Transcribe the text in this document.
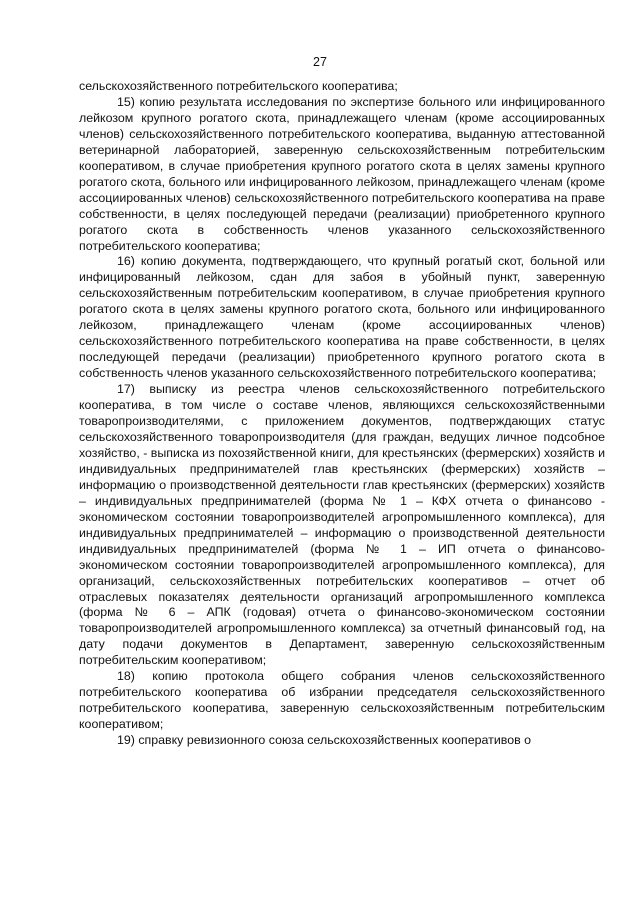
27

сельскохозяйственного потребительского кооператива;

15) копию результата исследования по экспертизе больного или инфицированного лейкозом крупного рогатого скота, принадлежащего членам (кроме ассоциированных членов) сельскохозяйственного потребительского кооператива, выданную аттестованной ветеринарной лабораторией, заверенную сельскохозяйственным потребительским кооперативом, в случае приобретения крупного рогатого скота в целях замены крупного рогатого скота, больного или инфицированного лейкозом, принадлежащего членам (кроме ассоциированных членов) сельскохозяйственного потребительского кооператива на праве собственности, в целях последующей передачи (реализации) приобретенного крупного рогатого скота в собственность членов указанного сельскохозяйственного потребительского кооператива;

16) копию документа, подтверждающего, что крупный рогатый скот, больной или инфицированный лейкозом, сдан для забоя в убойный пункт, заверенную сельскохозяйственным потребительским кооперативом, в случае приобретения крупного рогатого скота в целях замены крупного рогатого скота, больного или инфицированного лейкозом, принадлежащего членам (кроме ассоциированных членов) сельскохозяйственного потребительского кооператива на праве собственности, в целях последующей передачи (реализации) приобретенного крупного рогатого скота в собственность членов указанного сельскохозяйственного потребительского кооператива;

17) выписку из реестра членов сельскохозяйственного потребительского кооператива, в том числе о составе членов, являющихся сельскохозяйственными товаропроизводителями, с приложением документов, подтверждающих статус сельскохозяйственного товаропроизводителя (для граждан, ведущих личное подсобное хозяйство, - выписка из похозяйственной книги, для крестьянских (фермерских) хозяйств и индивидуальных предпринимателей глав крестьянских (фермерских) хозяйств – информацию о производственной деятельности глав крестьянских (фермерских) хозяйств – индивидуальных предпринимателей (форма № 1 – КФХ отчета о финансово - экономическом состоянии товаропроизводителей агропромышленного комплекса), для индивидуальных предпринимателей – информацию о производственной деятельности индивидуальных предпринимателей (форма № 1 – ИП отчета о финансово-экономическом состоянии товаропроизводителей агропромышленного комплекса), для организаций, сельскохозяйственных потребительских кооперативов – отчет об отраслевых показателях деятельности организаций агропромышленного комплекса (форма № 6 – АПК (годовая) отчета о финансово-экономическом состоянии товаропроизводителей агропромышленного комплекса) за отчетный финансовый год, на дату подачи документов в Департамент, заверенную сельскохозяйственным потребительским кооперативом;

18) копию протокола общего собрания членов сельскохозяйственного потребительского кооператива об избрании председателя сельскохозяйственного потребительского кооператива, заверенную сельскохозяйственным потребительским кооперативом;

19) справку ревизионного союза сельскохозяйственных кооперативов о
